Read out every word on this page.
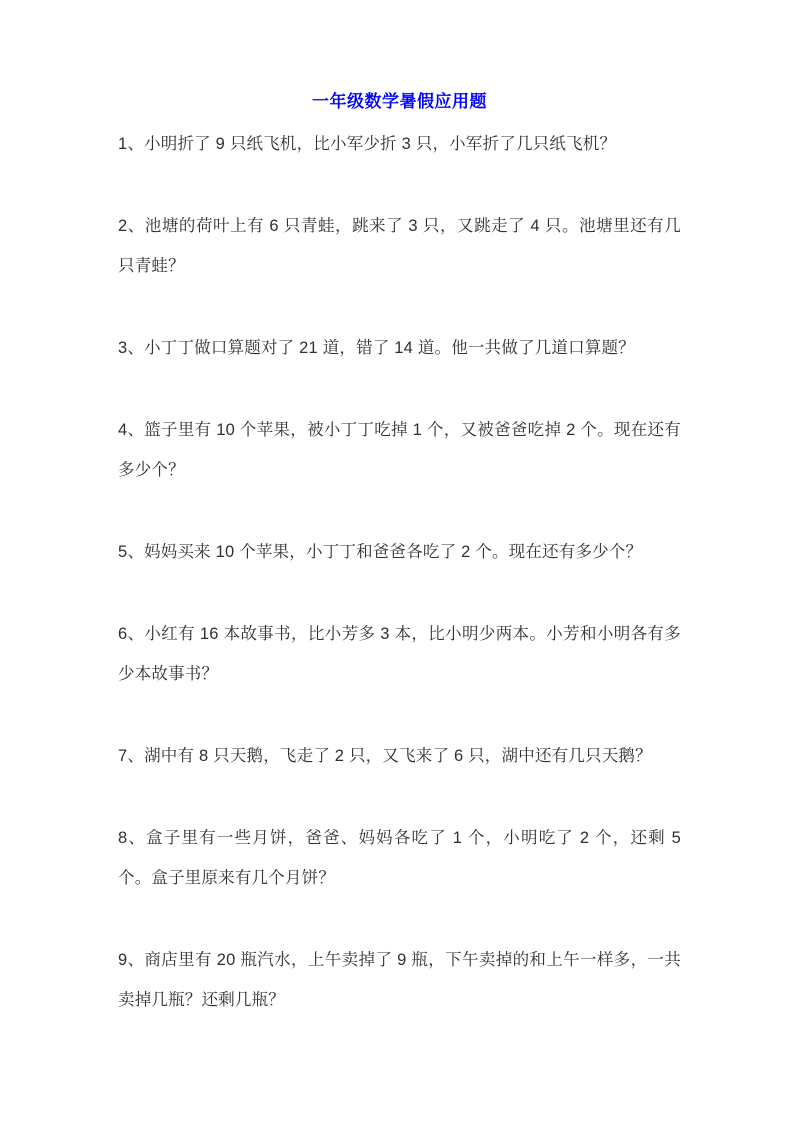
一年级数学暑假应用题

1、小明折了 9 只纸飞机，比小军少折 3 只，小军折了几只纸飞机？

2、池塘的荷叶上有 6 只青蛙，跳来了 3 只，又跳走了 4 只。池塘里还有几只青蛙？

3、小丁丁做口算题对了 21 道，错了 14 道。他一共做了几道口算题？

4、篮子里有 10 个苹果，被小丁丁吃掉 1 个，又被爸爸吃掉 2 个。现在还有多少个？

5、妈妈买来 10 个苹果，小丁丁和爸爸各吃了 2 个。现在还有多少个？

6、小红有 16 本故事书，比小芳多 3 本，比小明少两本。小芳和小明各有多少本故事书？

7、湖中有 8 只天鹅，飞走了 2 只，又飞来了 6 只，湖中还有几只天鹅？

8、盒子里有一些月饼，爸爸、妈妈各吃了 1 个，小明吃了 2 个，还剩 5 个。盒子里原来有几个月饼？

9、商店里有 20 瓶汽水，上午卖掉了 9 瓶，下午卖掉的和上午一样多，一共卖掉几瓶？还剩几瓶？
